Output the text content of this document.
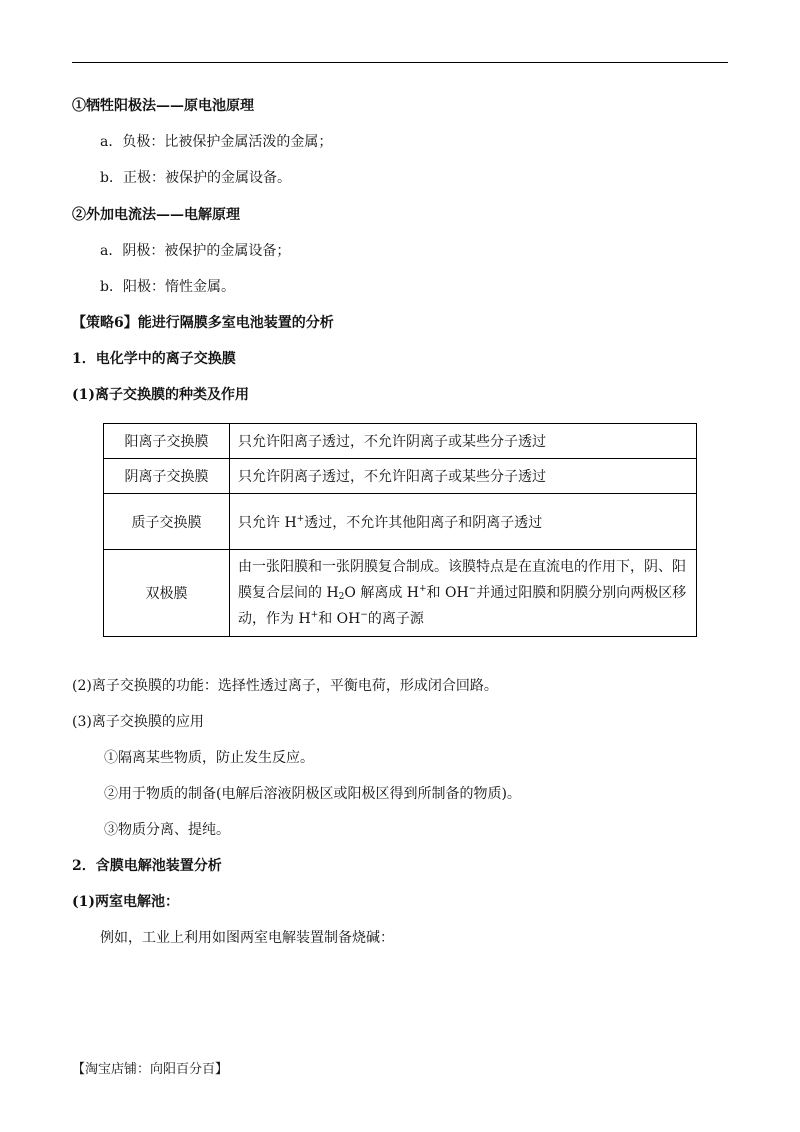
①牺牲阳极法——原电池原理
a．负极：比被保护金属活泼的金属；
b．正极：被保护的金属设备。
②外加电流法——电解原理
a．阴极：被保护的金属设备；
b．阳极：惰性金属。
【策略6】能进行隔膜多室电池装置的分析
1．电化学中的离子交换膜
(1)离子交换膜的种类及作用
阳离子交换膜	只允许阳离子透过，不允许阴离子或某些分子透过
阴离子交换膜	只允许阴离子透过，不允许阳离子或某些分子透过
质子交换膜	只允许 H+透过，不允许其他阳离子和阴离子透过
双极膜	由一张阳膜和一张阴膜复合制成。该膜特点是在直流电的作用下，阴、阳
膜复合层间的 $H_2O$ 解离成 H+和 OH−并通过阳膜和阴膜分别向两极区移
动，作为 H+和 OH−的离子源
(2)离子交换膜的功能：选择性透过离子，平衡电荷，形成闭合回路。
(3)离子交换膜的应用
①隔离某些物质，防止发生反应。
②用于物质的制备(电解后溶液阴极区或阳极区得到所制备的物质)。
③物质分离、提纯。
2．含膜电解池装置分析
(1)两室电解池：
例如，工业上利用如图两室电解装置制备烧碱：
【淘宝店铺：向阳百分百】
